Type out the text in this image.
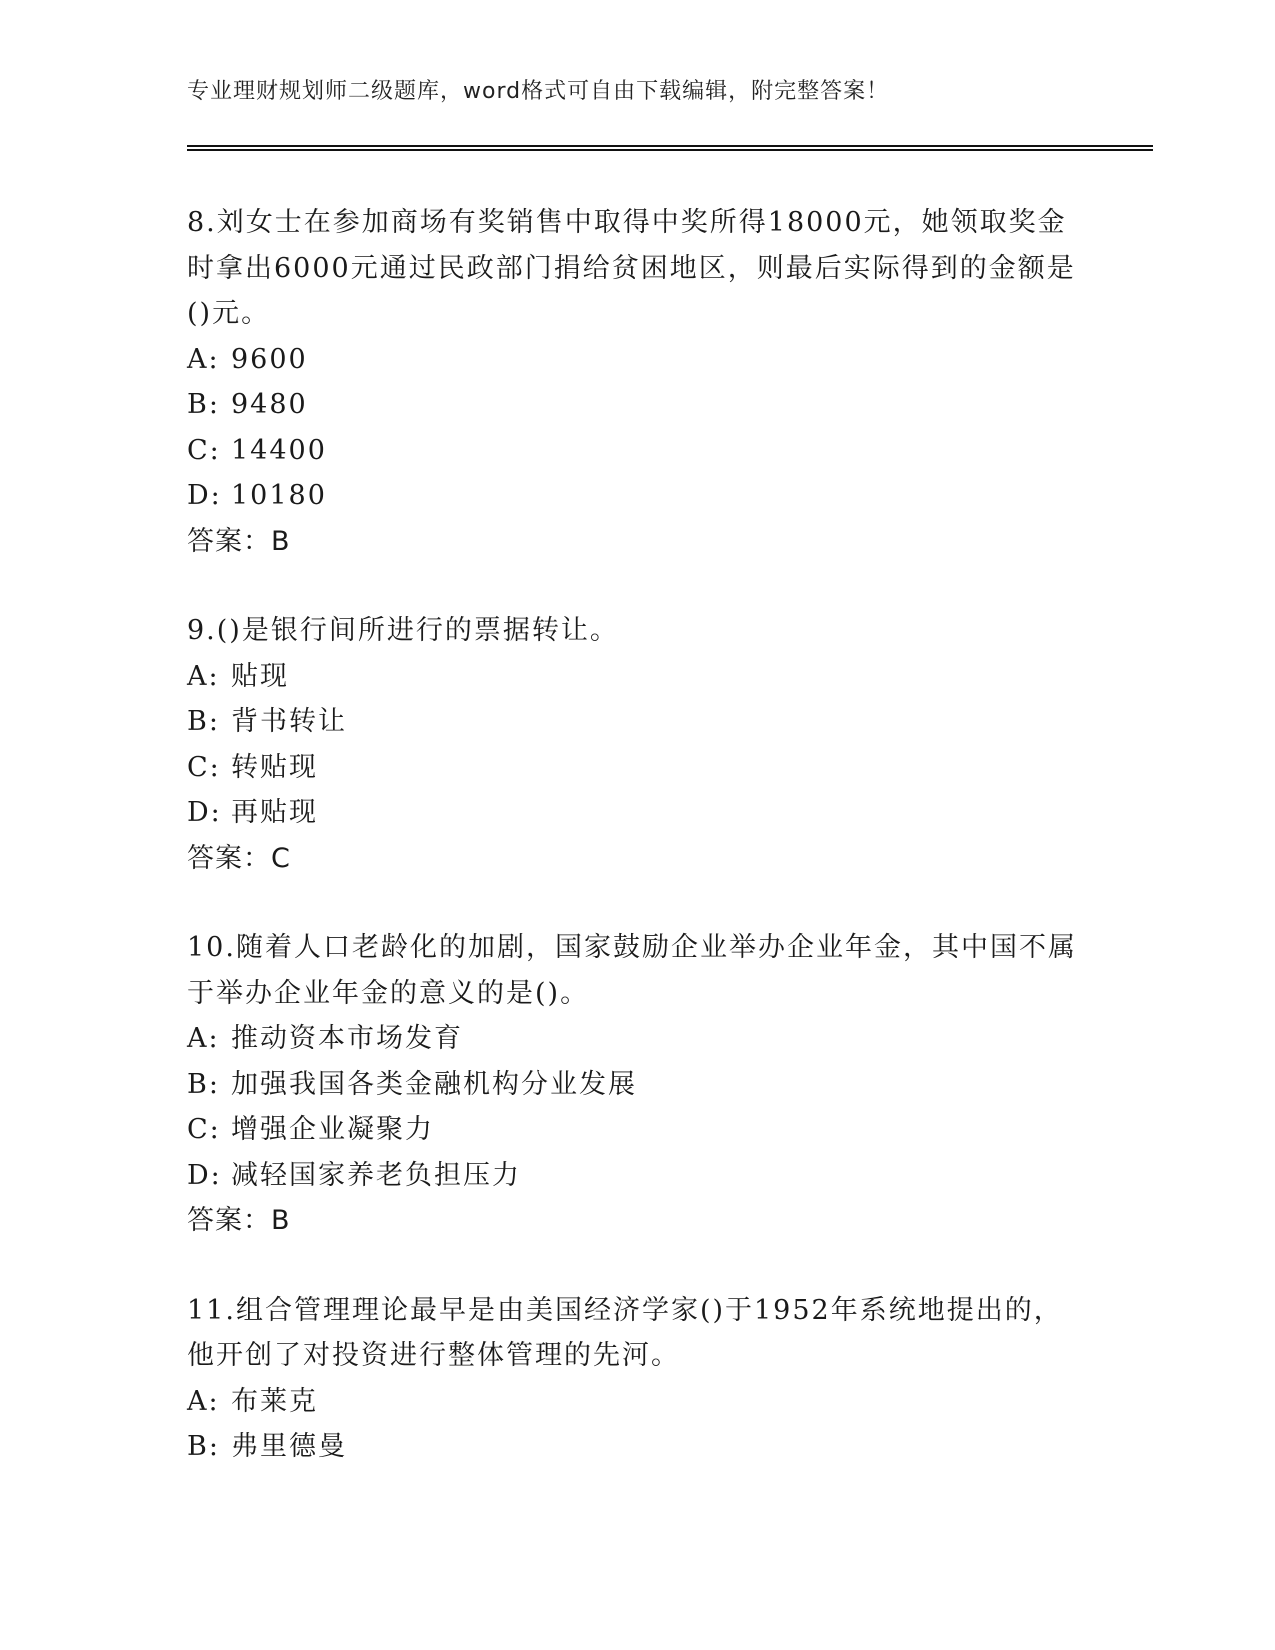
专业理财规划师二级题库，word格式可自由下载编辑，附完整答案！

8.刘女士在参加商场有奖销售中取得中奖所得18000元，她领取奖金时拿出6000元通过民政部门捐给贫困地区，则最后实际得到的金额是()元。

A: 9600

B: 9480

C: 14400

D: 10180

答案：B

9.()是银行间所进行的票据转让。

A: 贴现

B: 背书转让

C: 转贴现

D: 再贴现

答案：C

10.随着人口老龄化的加剧，国家鼓励企业举办企业年金，其中国不属于举办企业年金的意义的是()。

A: 推动资本市场发育

B: 加强我国各类金融机构分业发展

C: 增强企业凝聚力

D: 减轻国家养老负担压力

答案：B

11.组合管理理论最早是由美国经济学家()于1952年系统地提出的，他开创了对投资进行整体管理的先河。

A: 布莱克

B: 弗里德曼
